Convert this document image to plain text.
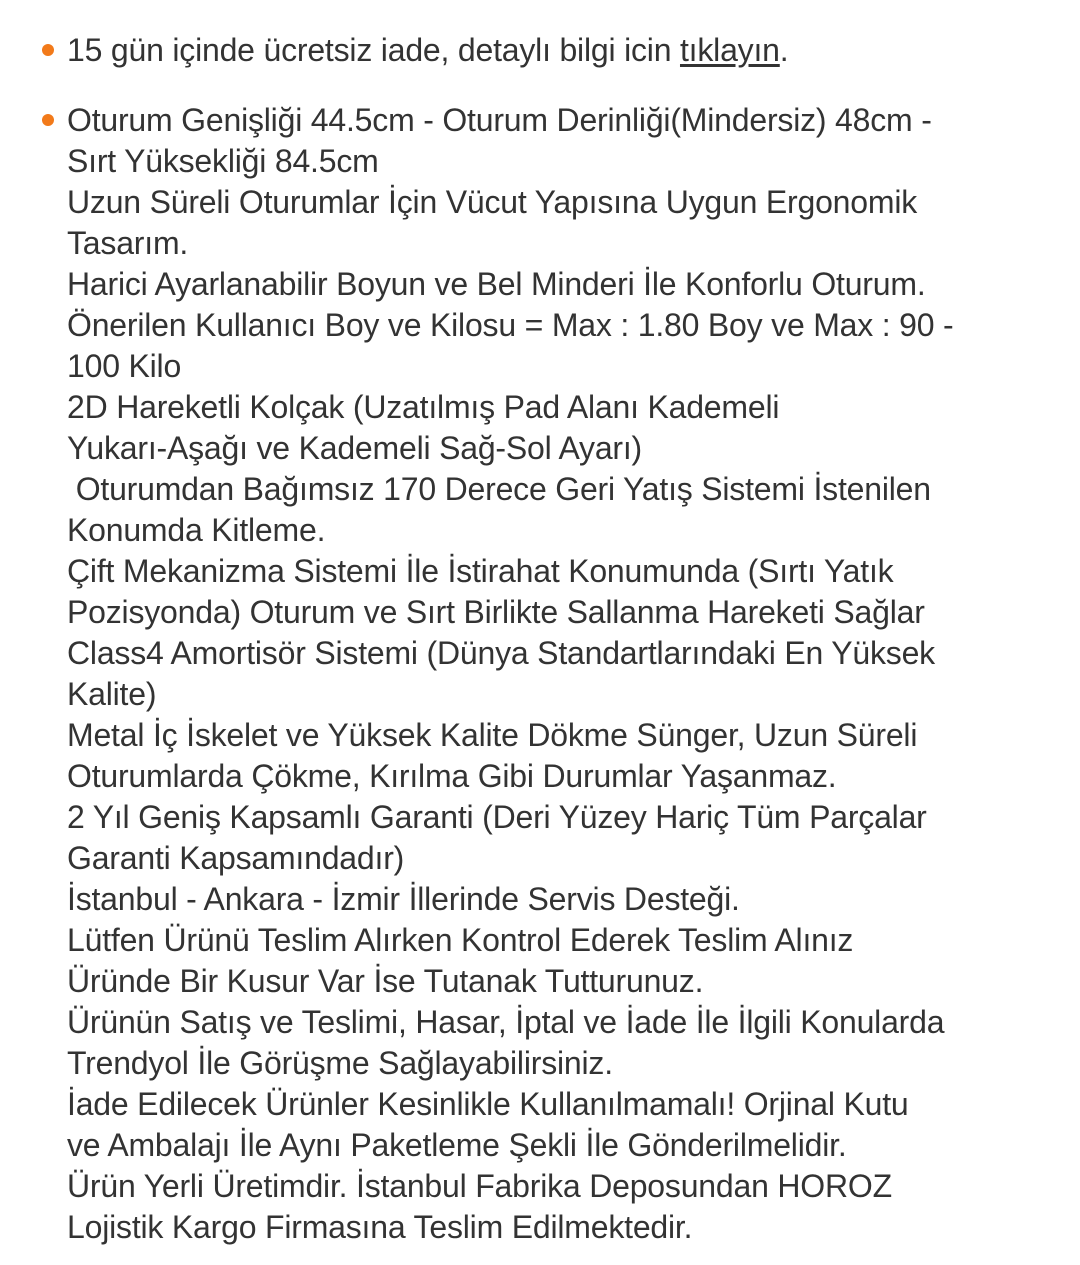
15 gün içinde ücretsiz iade, detaylı bilgi icin tıklayın.
Oturum Genişliği 44.5cm - Oturum Derinliği(Mindersiz) 48cm -
Sırt Yüksekliği 84.5cm
Uzun Süreli Oturumlar İçin Vücut Yapısına Uygun Ergonomik
Tasarım.
Harici Ayarlanabilir Boyun ve Bel Minderi İle Konforlu Oturum.
Önerilen Kullanıcı Boy ve Kilosu = Max : 1.80 Boy ve Max : 90 -
100 Kilo
2D Hareketli Kolçak (Uzatılmış Pad Alanı Kademeli
Yukarı-Aşağı ve Kademeli Sağ-Sol Ayarı)
Oturumdan Bağımsız 170 Derece Geri Yatış Sistemi İstenilen
Konumda Kitleme.
Çift Mekanizma Sistemi İle İstirahat Konumunda (Sırtı Yatık
Pozisyonda) Oturum ve Sırt Birlikte Sallanma Hareketi Sağlar
Class4 Amortisör Sistemi (Dünya Standartlarındaki En Yüksek
Kalite)
Metal İç İskelet ve Yüksek Kalite Dökme Sünger, Uzun Süreli
Oturumlarda Çökme, Kırılma Gibi Durumlar Yaşanmaz.
2 Yıl Geniş Kapsamlı Garanti (Deri Yüzey Hariç Tüm Parçalar
Garanti Kapsamındadır)
İstanbul - Ankara - İzmir İllerinde Servis Desteği.
Lütfen Ürünü Teslim Alırken Kontrol Ederek Teslim Alınız
Üründe Bir Kusur Var İse Tutanak Tutturunuz.
Ürünün Satış ve Teslimi, Hasar, İptal ve İade İle İlgili Konularda
Trendyol İle Görüşme Sağlayabilirsiniz.
İade Edilecek Ürünler Kesinlikle Kullanılmamalı! Orjinal Kutu
ve Ambalajı İle Aynı Paketleme Şekli İle Gönderilmelidir.
Ürün Yerli Üretimdir. İstanbul Fabrika Deposundan HOROZ
Lojistik Kargo Firmasına Teslim Edilmektedir.
